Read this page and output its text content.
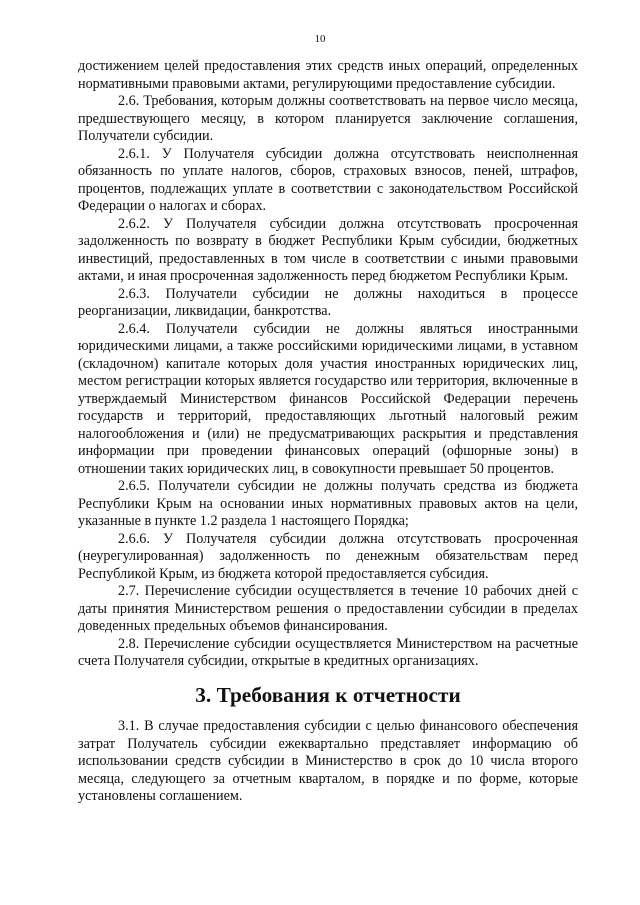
10

достижением целей предоставления этих средств иных операций, определенных нормативными правовыми актами, регулирующими предоставление субсидии.

2.6. Требования, которым должны соответствовать на первое число месяца, предшествующего месяцу, в котором планируется заключение соглашения, Получатели субсидии.

2.6.1. У Получателя субсидии должна отсутствовать неисполненная обязанность по уплате налогов, сборов, страховых взносов, пеней, штрафов, процентов, подлежащих уплате в соответствии с законодательством Российской Федерации о налогах и сборах.

2.6.2. У Получателя субсидии должна отсутствовать просроченная задолженность по возврату в бюджет Республики Крым субсидии, бюджетных инвестиций, предоставленных в том числе в соответствии с иными правовыми актами, и иная просроченная задолженность перед бюджетом Республики Крым.

2.6.3. Получатели субсидии не должны находиться в процессе реорганизации, ликвидации, банкротства.

2.6.4. Получатели субсидии не должны являться иностранными юридическими лицами, а также российскими юридическими лицами, в уставном (складочном) капитале которых доля участия иностранных юридических лиц, местом регистрации которых является государство или территория, включенные в утверждаемый Министерством финансов Российской Федерации перечень государств и территорий, предоставляющих льготный налоговый режим налогообложения и (или) не предусматривающих раскрытия и представления информации при проведении финансовых операций (офшорные зоны) в отношении таких юридических лиц, в совокупности превышает 50 процентов.

2.6.5. Получатели субсидии не должны получать средства из бюджета Республики Крым на основании иных нормативных правовых актов на цели, указанные в пункте 1.2 раздела 1 настоящего Порядка;

2.6.6. У Получателя субсидии должна отсутствовать просроченная (неурегулированная) задолженность по денежным обязательствам перед Республикой Крым, из бюджета которой предоставляется субсидия.

2.7. Перечисление субсидии осуществляется в течение 10 рабочих дней с даты принятия Министерством решения о предоставлении субсидии в пределах доведенных предельных объемов финансирования.

2.8. Перечисление субсидии осуществляется Министерством на расчетные счета Получателя субсидии, открытые в кредитных организациях.

3. Требования к отчетности

3.1. В случае предоставления субсидии с целью финансового обеспечения затрат Получатель субсидии ежеквартально представляет информацию об использовании средств субсидии в Министерство в срок до 10 числа второго месяца, следующего за отчетным кварталом, в порядке и по форме, которые установлены соглашением.
